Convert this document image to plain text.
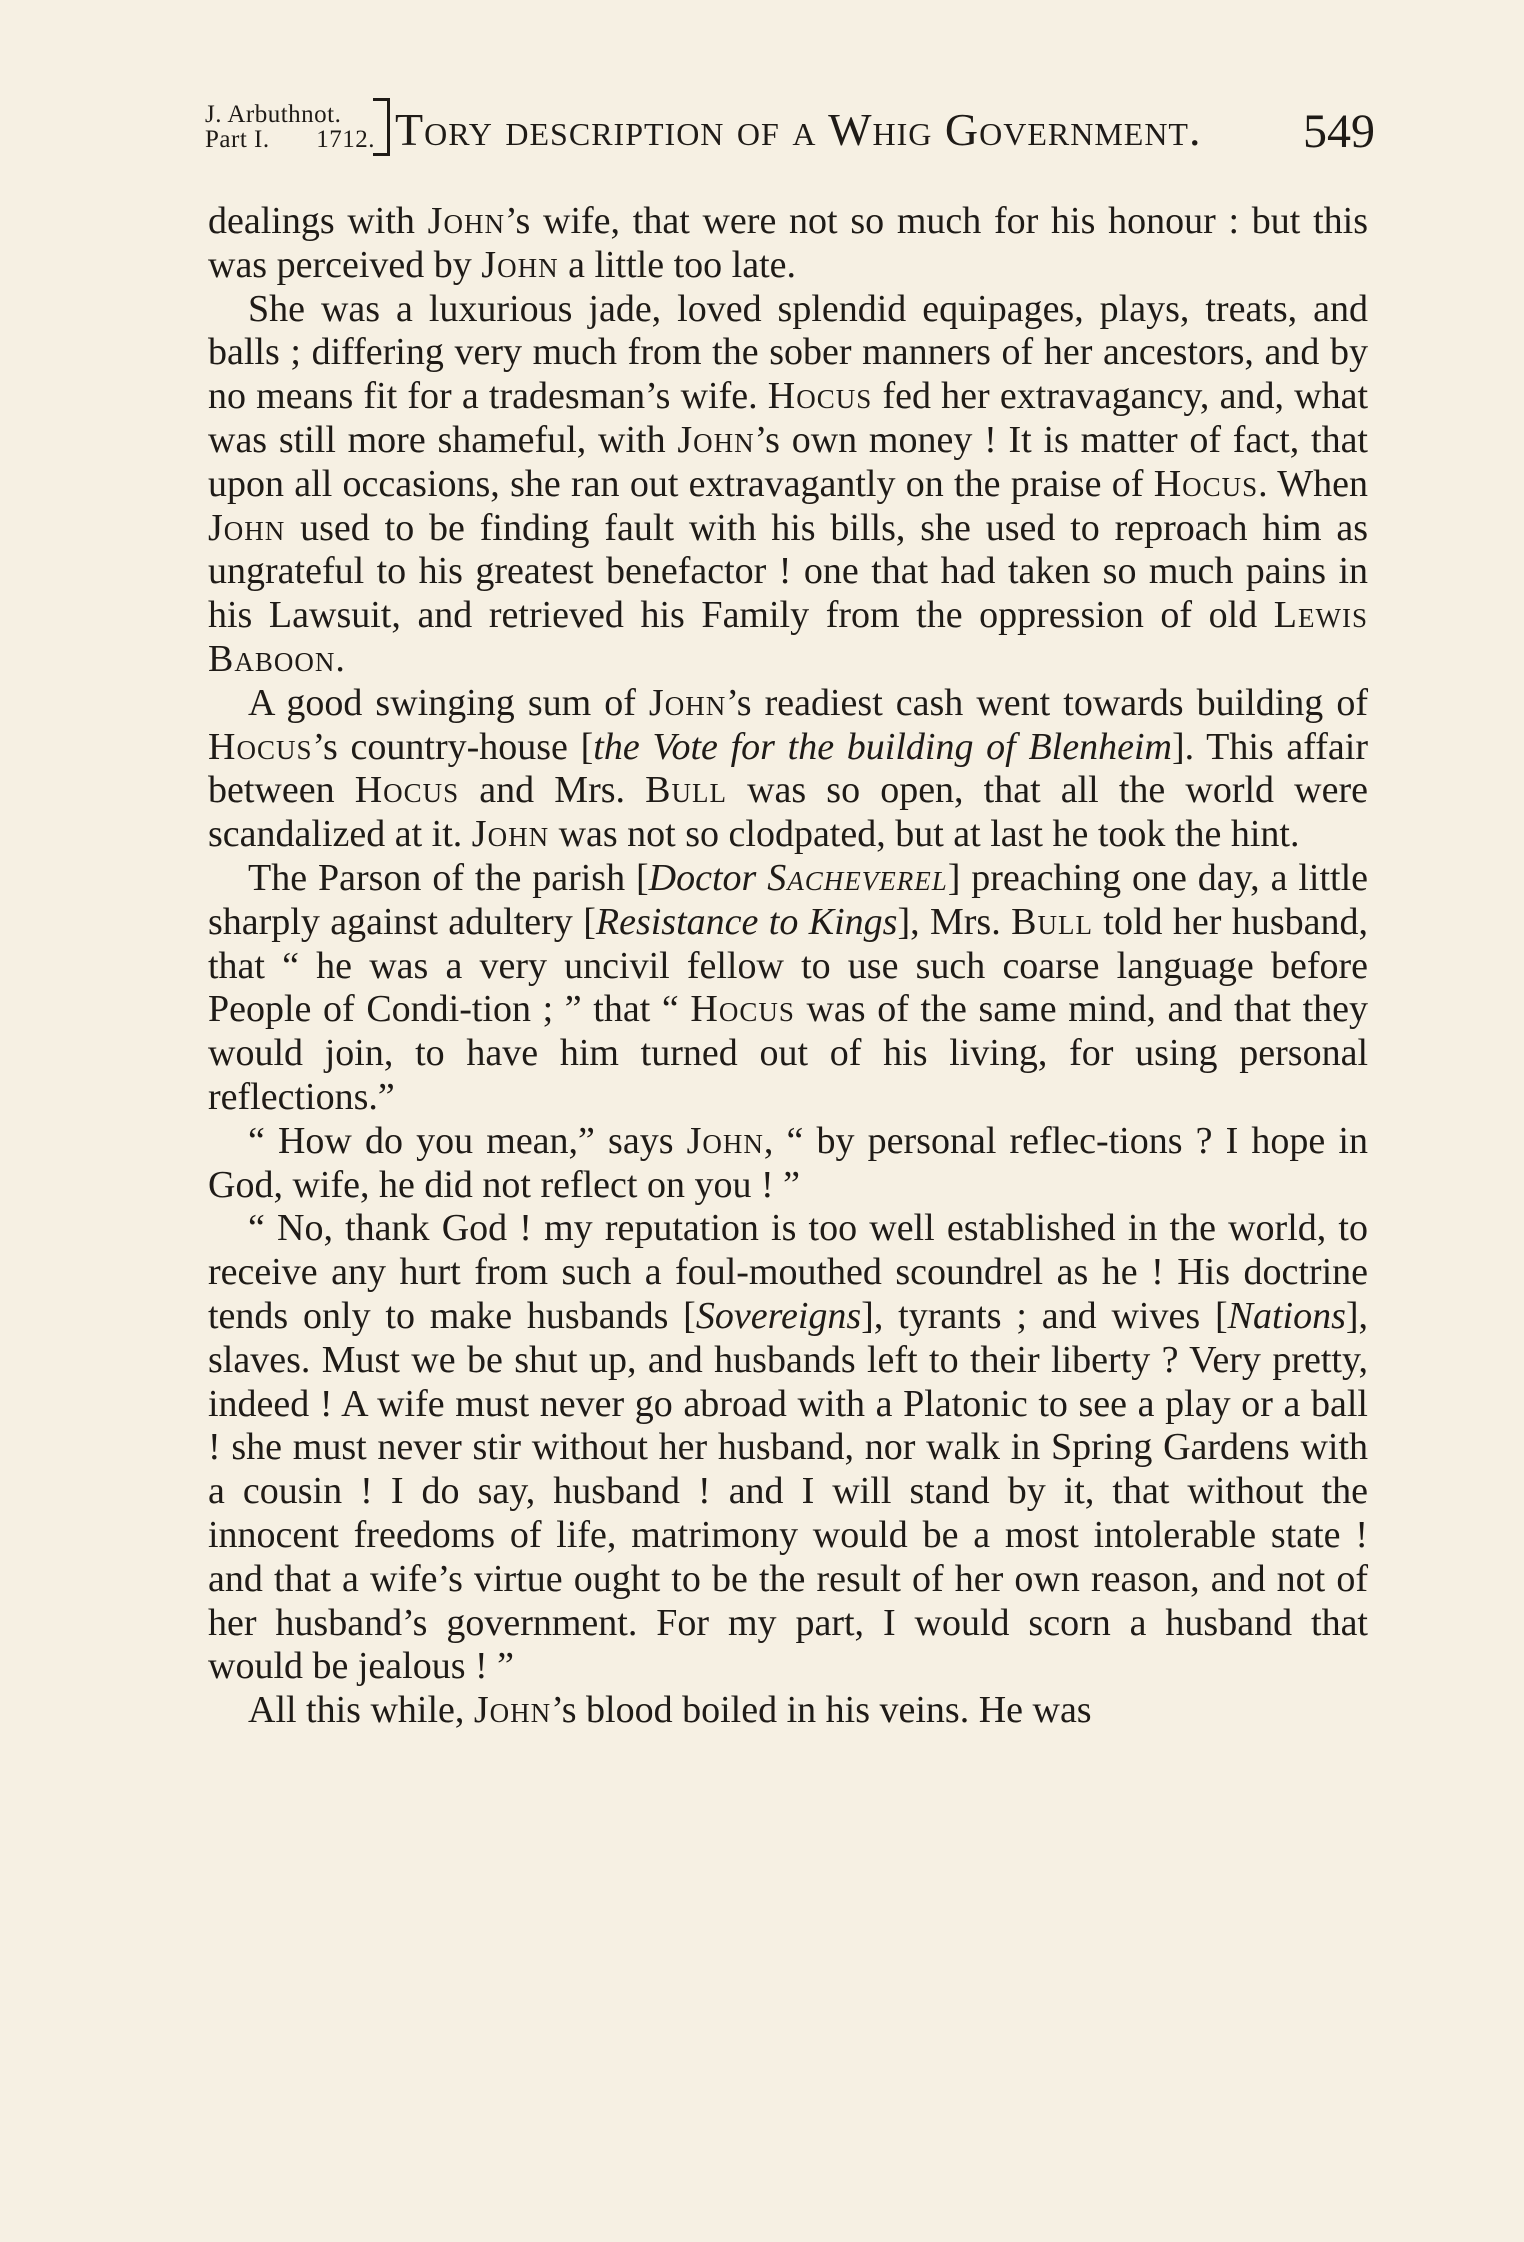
J. Arbuthnot.
Part I. 1712. Tory description of a Whig Government. 549

dealings with John’s wife, that were not so much for his honour : but this was perceived by John a little too late.

She was a luxurious jade, loved splendid equipages, plays, treats, and balls ; differing very much from the sober manners of her ancestors, and by no means fit for a tradesman’s wife. Hocus fed her extravagancy, and, what was still more shameful, with John’s own money ! It is matter of fact, that upon all occasions, she ran out extravagantly on the praise of Hocus. When John used to be finding fault with his bills, she used to reproach him as ungrateful to his greatest benefactor ! one that had taken so much pains in his Lawsuit, and retrieved his Family from the oppression of old Lewis Baboon.

A good swinging sum of John’s readiest cash went towards building of Hocus’s country-house [the Vote for the building of Blenheim]. This affair between Hocus and Mrs. Bull was so open, that all the world were scandalized at it. John was not so clodpated, but at last he took the hint.

The Parson of the parish [Doctor Sacheverel] preaching one day, a little sharply against adultery [Resistance to Kings], Mrs. Bull told her husband, that “ he was a very uncivil fellow to use such coarse language before People of Condi-tion ; ” that “ Hocus was of the same mind, and that they would join, to have him turned out of his living, for using personal reflections.”

“ How do you mean,” says John, “ by personal reflec-tions ? I hope in God, wife, he did not reflect on you ! ”

“ No, thank God ! my reputation is too well established in the world, to receive any hurt from such a foul-mouthed scoundrel as he ! His doctrine tends only to make husbands [Sovereigns], tyrants ; and wives [Nations], slaves. Must we be shut up, and husbands left to their liberty ? Very pretty, indeed ! A wife must never go abroad with a Platonic to see a play or a ball ! she must never stir without her husband, nor walk in Spring Gardens with a cousin ! I do say, husband ! and I will stand by it, that without the innocent freedoms of life, matrimony would be a most intolerable state ! and that a wife’s virtue ought to be the result of her own reason, and not of her husband’s government. For my part, I would scorn a husband that would be jealous ! ”

All this while, John’s blood boiled in his veins. He was
